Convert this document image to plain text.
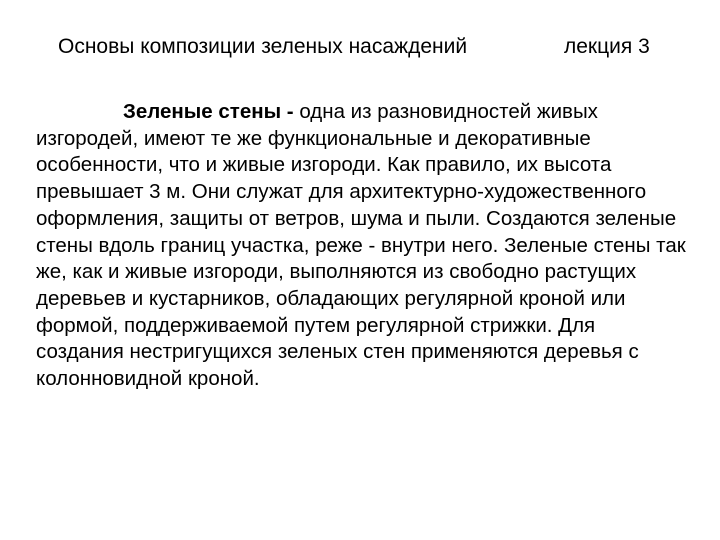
Основы композиции зеленых насаждений	лекция 3

Зеленые стены - одна из разновидностей живых изгородей, имеют те же функциональные и декоративные особенности, что и живые изгороди. Как правило, их высота превышает 3 м. Они служат для архитектурно-художественного оформления, защиты от ветров, шума и пыли. Создаются зеленые стены вдоль границ участка, реже - внутри него. Зеленые стены так же, как и живые изгороди, выполняются из свободно растущих деревьев и кустарников, обладающих регулярной кроной или формой, поддерживаемой путем регулярной стрижки. Для создания нестригущихся зеленых стен применяются деревья с колонновидной кроной.
